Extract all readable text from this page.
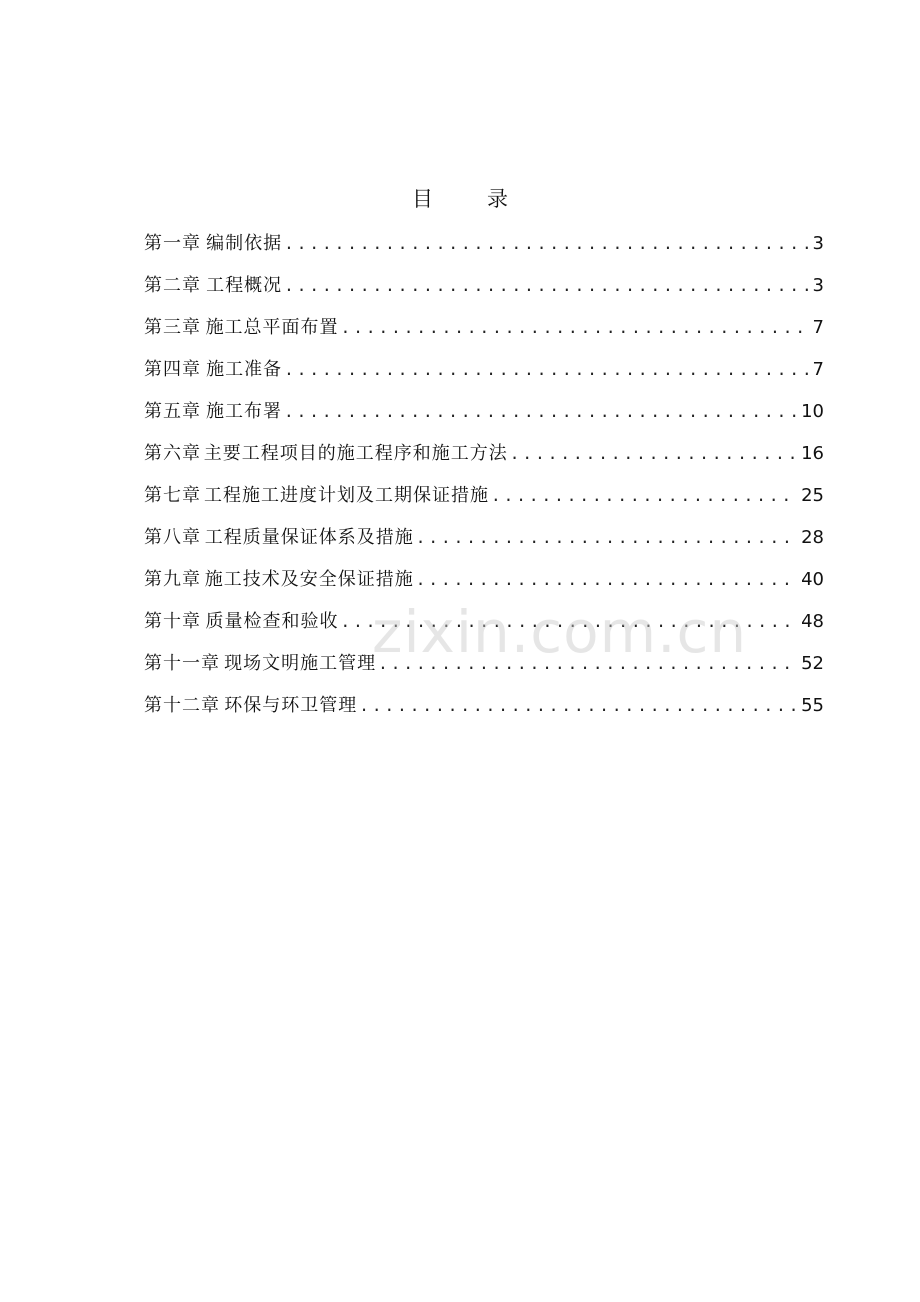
目	录
第一章 编制依据 .....	3
第二章 工程概况 .....	3
第三章 施工总平面布置 .....	7
第四章 施工准备 .....	7
第五章 施工布署 .....	10
第六章 主要工程项目的施工程序和施工方法 .....	16
第七章 工程施工进度计划及工期保证措施 .....	25
第八章 工程质量保证体系及措施 .....	28
第九章 施工技术及安全保证措施 .....	40
第十章 质量检查和验收 .....	48
第十一章 现场文明施工管理 .....	52
第十二章 环保与环卫管理 .....	55
zixin.com.cn
